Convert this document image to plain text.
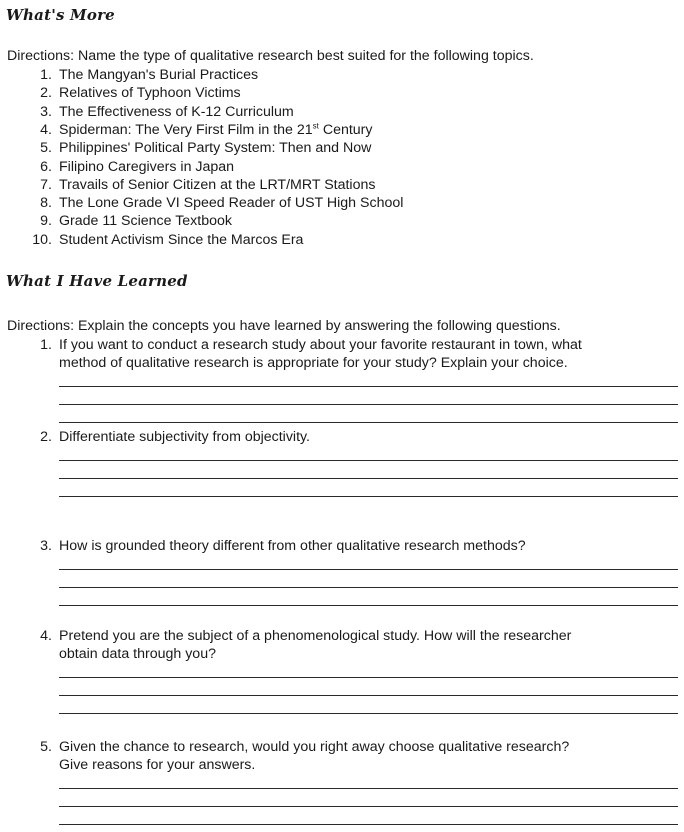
What's More
Directions: Name the type of qualitative research best suited for the following topics.
1. The Mangyan's Burial Practices
2. Relatives of Typhoon Victims
3. The Effectiveness of K-12 Curriculum
4. Spiderman: The Very First Film in the 21st Century
5. Philippines' Political Party System: Then and Now
6. Filipino Caregivers in Japan
7. Travails of Senior Citizen at the LRT/MRT Stations
8. The Lone Grade VI Speed Reader of UST High School
9. Grade 11 Science Textbook
10. Student Activism Since the Marcos Era
What I Have Learned
Directions: Explain the concepts you have learned by answering the following questions.
1. If you want to conduct a research study about your favorite restaurant in town, what
method of qualitative research is appropriate for your study? Explain your choice.
2. Differentiate subjectivity from objectivity.
3. How is grounded theory different from other qualitative research methods?
4. Pretend you are the subject of a phenomenological study. How will the researcher
obtain data through you?
5. Given the chance to research, would you right away choose qualitative research?
Give reasons for your answers.
